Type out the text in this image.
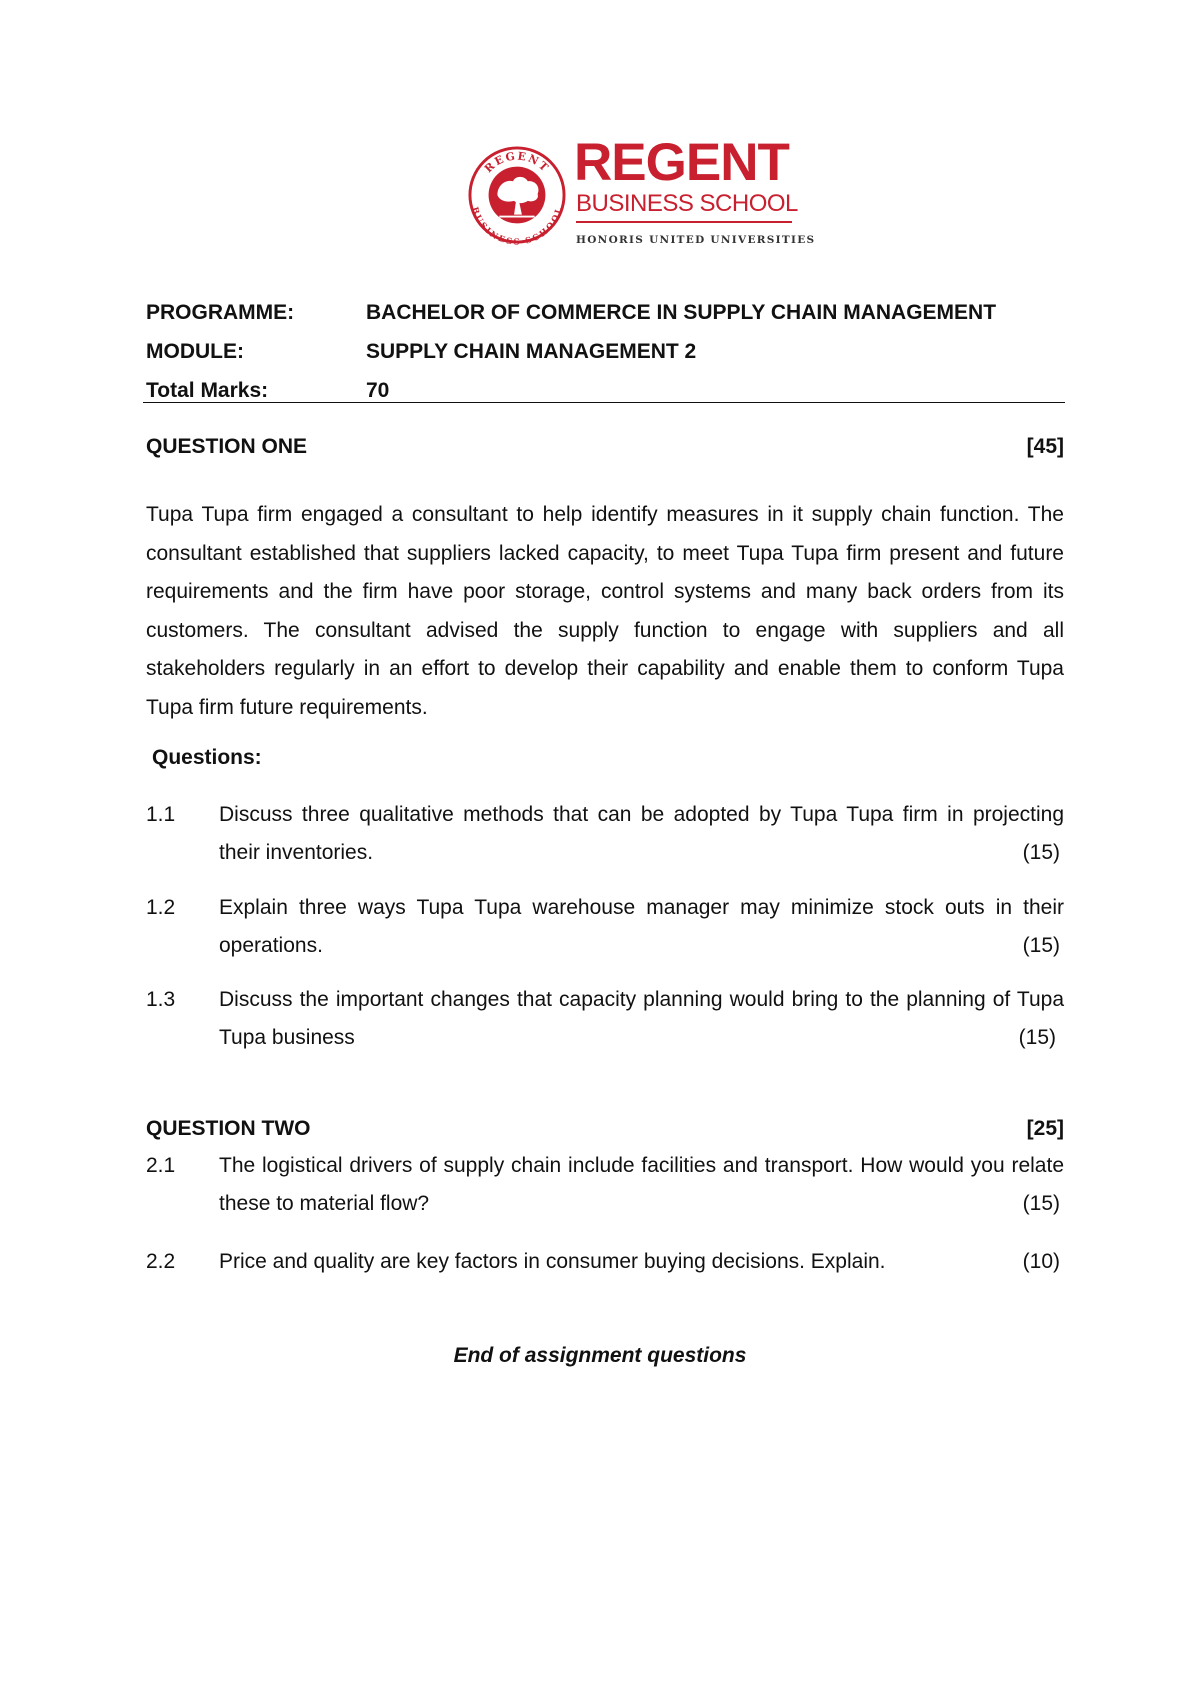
REGENT
BUSINESS SCHOOL
REGENT
BUSINESS SCHOOL
HONORIS UNITED UNIVERSITIES
PROGRAMME:	BACHELOR OF COMMERCE IN SUPPLY CHAIN MANAGEMENT
MODULE:	SUPPLY CHAIN MANAGEMENT 2
Total Marks:	70
QUESTION ONE	[45]

Tupa Tupa firm engaged a consultant to help identify measures in it supply chain function. The consultant established that suppliers lacked capacity, to meet Tupa Tupa firm present and future requirements and the firm have poor storage, control systems and many back orders from its customers. The consultant advised the supply function to engage with suppliers and all stakeholders regularly in an effort to develop their capability and enable them to conform Tupa Tupa firm future requirements.

Questions:
1.1 Discuss three qualitative methods that can be adopted by Tupa Tupa firm in projecting their inventories.	(15)
1.2 Explain three ways Tupa Tupa warehouse manager may minimize stock outs in their operations.	(15)
1.3 Discuss the important changes that capacity planning would bring to the planning of Tupa Tupa business	(15)
QUESTION TWO	[25]
2.1 The logistical drivers of supply chain include facilities and transport. How would you relate these to material flow?	(15)
2.2 Price and quality are key factors in consumer buying decisions. Explain.	(10)
End of assignment questions
